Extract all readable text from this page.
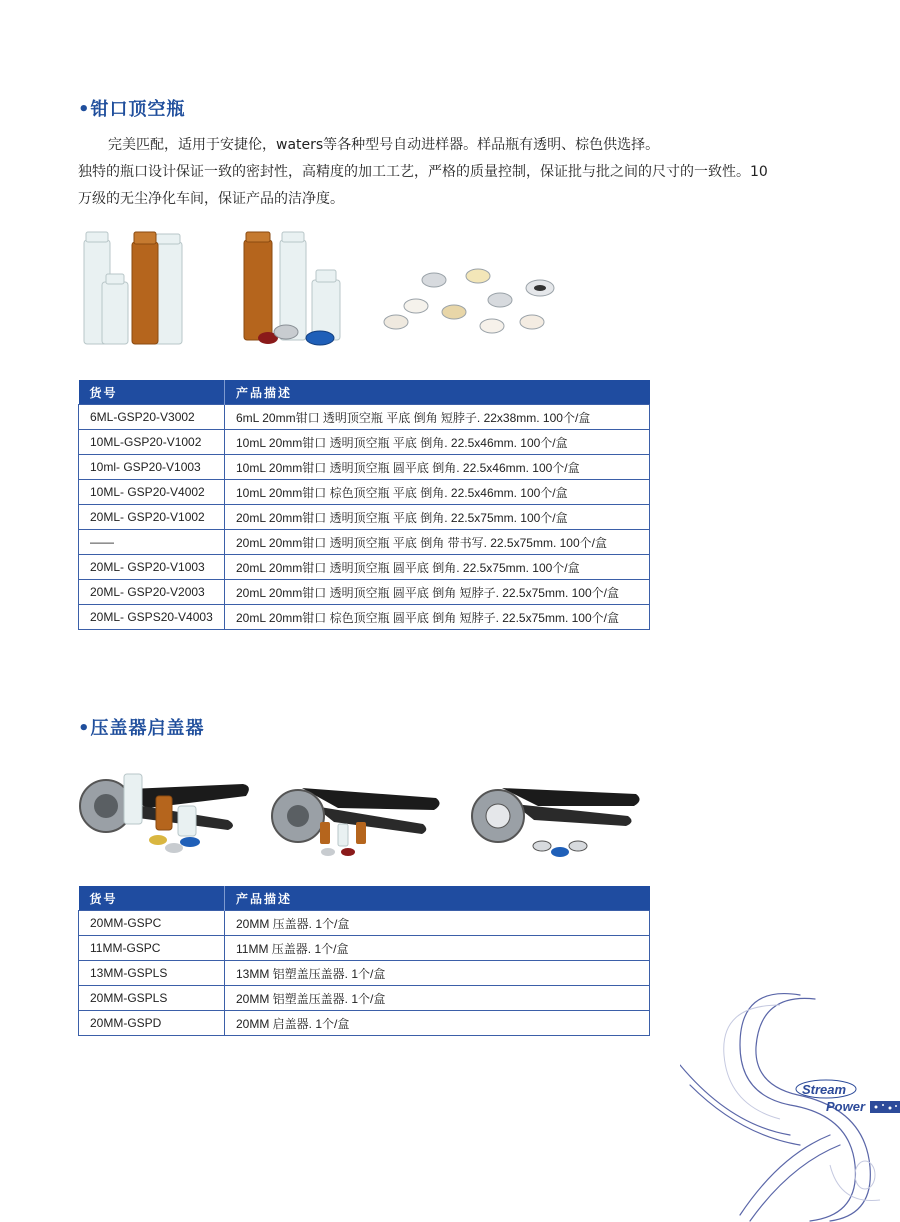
•钳口顶空瓶

完美匹配，适用于安捷伦，waters等各种型号自动进样器。样品瓶有透明、棕色供选择。

独特的瓶口设计保证一致的密封性，高精度的加工工艺，严格的质量控制，保证批与批之间的尺寸的一致性。10

万级的无尘净化车间，保证产品的洁净度。

货号	产品描述
6ML-GSP20-V3002	6mL 20mm钳口 透明顶空瓶 平底 倒角 短脖子. 22x38mm. 100个/盒
10ML-GSP20-V1002	10mL 20mm钳口 透明顶空瓶 平底 倒角. 22.5x46mm. 100个/盒
10ml- GSP20-V1003	10mL 20mm钳口 透明顶空瓶 圆平底 倒角. 22.5x46mm. 100个/盒
10ML- GSP20-V4002	10mL 20mm钳口 棕色顶空瓶 平底 倒角. 22.5x46mm. 100个/盒
20ML- GSP20-V1002	20mL 20mm钳口 透明顶空瓶 平底 倒角. 22.5x75mm. 100个/盒
——	20mL 20mm钳口 透明顶空瓶 平底 倒角 带书写. 22.5x75mm. 100个/盒
20ML- GSP20-V1003	20mL 20mm钳口 透明顶空瓶 圆平底 倒角. 22.5x75mm. 100个/盒
20ML- GSP20-V2003	20mL 20mm钳口 透明顶空瓶 圆平底 倒角 短脖子. 22.5x75mm. 100个/盒
20ML- GSPS20-V4003	20mL 20mm钳口 棕色顶空瓶 圆平底 倒角 短脖子. 22.5x75mm. 100个/盒
•压盖器启盖器
货号	产品描述
20MM-GSPC	20MM 压盖器. 1个/盒
11MM-GSPC	11MM 压盖器. 1个/盒
13MM-GSPLS	13MM 铝塑盖压盖器. 1个/盒
20MM-GSPLS	20MM 铝塑盖压盖器. 1个/盒
20MM-GSPD	20MM 启盖器. 1个/盒
Stream
Power
